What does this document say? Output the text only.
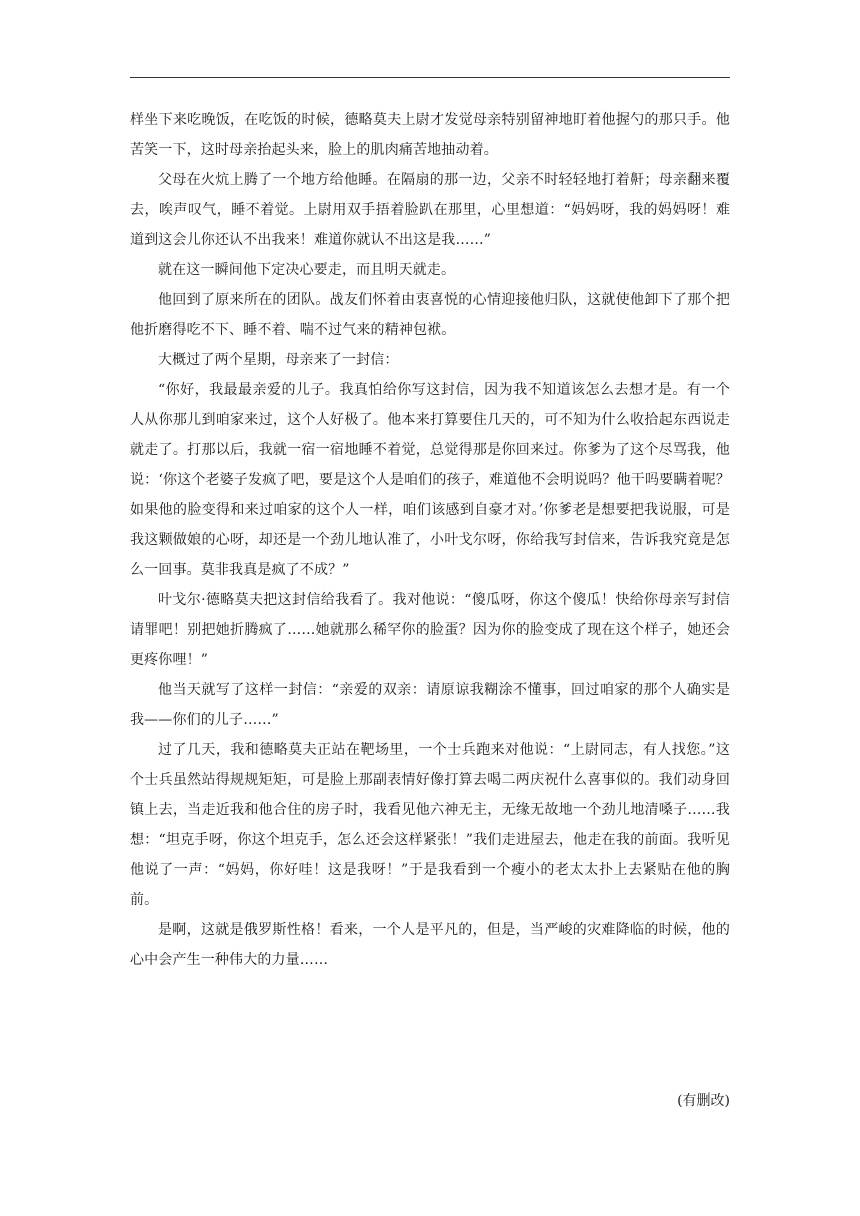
样坐下来吃晚饭，在吃饭的时候，德略莫夫上尉才发觉母亲特别留神地盯着他握勺的那只手。他苦笑一下，这时母亲抬起头来，脸上的肌肉痛苦地抽动着。

父母在火炕上腾了一个地方给他睡。在隔扇的那一边，父亲不时轻轻地打着鼾；母亲翻来覆去，唉声叹气，睡不着觉。上尉用双手捂着脸趴在那里，心里想道：“妈妈呀，我的妈妈呀！难道到这会儿你还认不出我来！难道你就认不出这是我……”

就在这一瞬间他下定决心要走，而且明天就走。

他回到了原来所在的团队。战友们怀着由衷喜悦的心情迎接他归队，这就使他卸下了那个把他折磨得吃不下、睡不着、喘不过气来的精神包袱。

大概过了两个星期，母亲来了一封信：

“你好，我最最亲爱的儿子。我真怕给你写这封信，因为我不知道该怎么去想才是。有一个人从你那儿到咱家来过，这个人好极了。他本来打算要住几天的，可不知为什么收拾起东西说走就走了。打那以后，我就一宿一宿地睡不着觉，总觉得那是你回来过。你爹为了这个尽骂我，他说：‘你这个老婆子发疯了吧，要是这个人是咱们的孩子，难道他不会明说吗？他干吗要瞒着呢？如果他的脸变得和来过咱家的这个人一样，咱们该感到自豪才对。’你爹老是想要把我说服，可是我这颗做娘的心呀，却还是一个劲儿地认准了，小叶戈尔呀，你给我写封信来，告诉我究竟是怎么一回事。莫非我真是疯了不成？”

叶戈尔·德略莫夫把这封信给我看了。我对他说：“傻瓜呀，你这个傻瓜！快给你母亲写封信请罪吧！别把她折腾疯了……她就那么稀罕你的脸蛋？因为你的脸变成了现在这个样子，她还会更疼你哩！”

他当天就写了这样一封信：“亲爱的双亲：请原谅我糊涂不懂事，回过咱家的那个人确实是我——你们的儿子……”

过了几天，我和德略莫夫正站在靶场里，一个士兵跑来对他说：“上尉同志，有人找您。”这个士兵虽然站得规规矩矩，可是脸上那副表情好像打算去喝二两庆祝什么喜事似的。我们动身回镇上去，当走近我和他合住的房子时，我看见他六神无主，无缘无故地一个劲儿地清嗓子……我想：“坦克手呀，你这个坦克手，怎么还会这样紧张！”我们走进屋去，他走在我的前面。我听见他说了一声：“妈妈，你好哇！这是我呀！”于是我看到一个瘦小的老太太扑上去紧贴在他的胸前。

是啊，这就是俄罗斯性格！看来，一个人是平凡的，但是，当严峻的灾难降临的时候，他的心中会产生一种伟大的力量……

(有删改)
